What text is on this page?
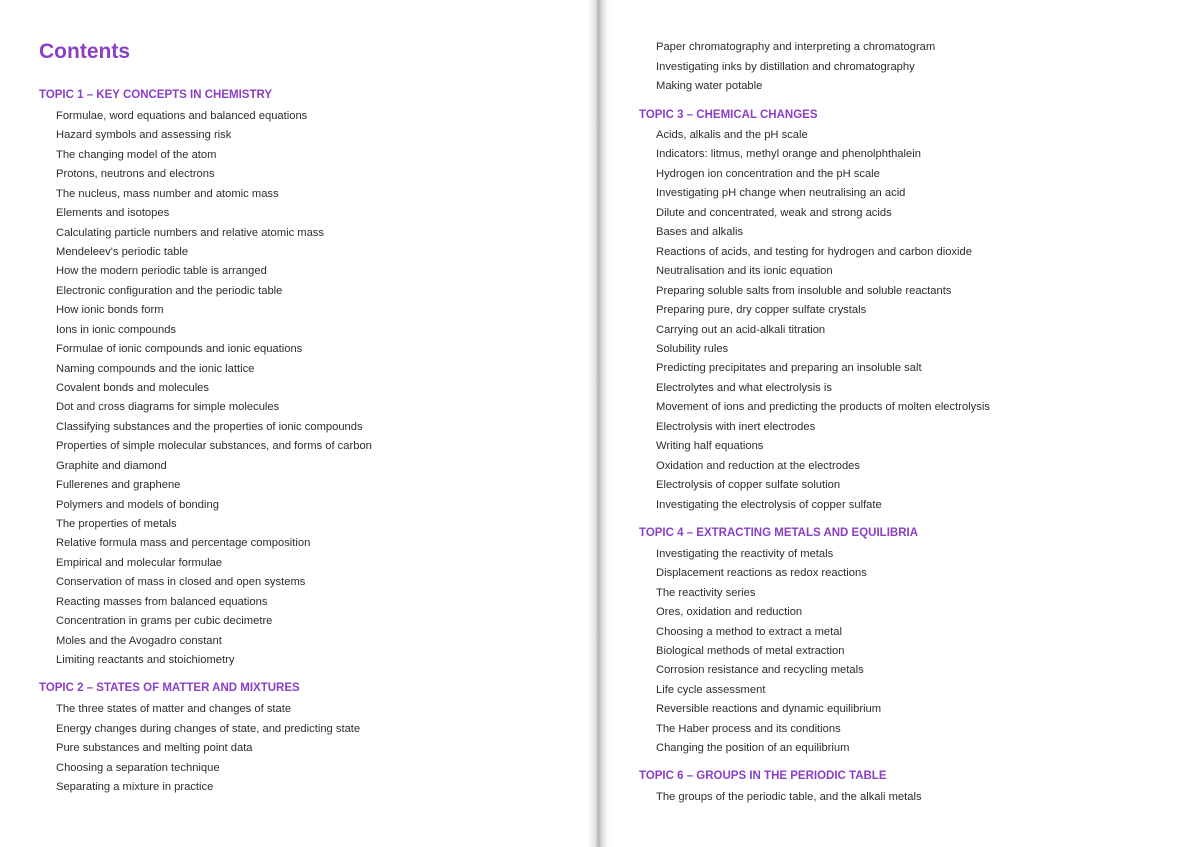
Contents
TOPIC 1 – KEY CONCEPTS IN CHEMISTRY
Formulae, word equations and balanced equations
Hazard symbols and assessing risk
The changing model of the atom
Protons, neutrons and electrons
The nucleus, mass number and atomic mass
Elements and isotopes
Calculating particle numbers and relative atomic mass
Mendeleev's periodic table
How the modern periodic table is arranged
Electronic configuration and the periodic table
How ionic bonds form
Ions in ionic compounds
Formulae of ionic compounds and ionic equations
Naming compounds and the ionic lattice
Covalent bonds and molecules
Dot and cross diagrams for simple molecules
Classifying substances and the properties of ionic compounds
Properties of simple molecular substances, and forms of carbon
Graphite and diamond
Fullerenes and graphene
Polymers and models of bonding
The properties of metals
Relative formula mass and percentage composition
Empirical and molecular formulae
Conservation of mass in closed and open systems
Reacting masses from balanced equations
Concentration in grams per cubic decimetre
Moles and the Avogadro constant
Limiting reactants and stoichiometry
TOPIC 2 – STATES OF MATTER AND MIXTURES
The three states of matter and changes of state
Energy changes during changes of state, and predicting state
Pure substances and melting point data
Choosing a separation technique
Separating a mixture in practice
Paper chromatography and interpreting a chromatogram
Investigating inks by distillation and chromatography
Making water potable
TOPIC 3 – CHEMICAL CHANGES
Acids, alkalis and the pH scale
Indicators: litmus, methyl orange and phenolphthalein
Hydrogen ion concentration and the pH scale
Investigating pH change when neutralising an acid
Dilute and concentrated, weak and strong acids
Bases and alkalis
Reactions of acids, and testing for hydrogen and carbon dioxide
Neutralisation and its ionic equation
Preparing soluble salts from insoluble and soluble reactants
Preparing pure, dry copper sulfate crystals
Carrying out an acid-alkali titration
Solubility rules
Predicting precipitates and preparing an insoluble salt
Electrolytes and what electrolysis is
Movement of ions and predicting the products of molten electrolysis
Electrolysis with inert electrodes
Writing half equations
Oxidation and reduction at the electrodes
Electrolysis of copper sulfate solution
Investigating the electrolysis of copper sulfate
TOPIC 4 – EXTRACTING METALS AND EQUILIBRIA
Investigating the reactivity of metals
Displacement reactions as redox reactions
The reactivity series
Ores, oxidation and reduction
Choosing a method to extract a metal
Biological methods of metal extraction
Corrosion resistance and recycling metals
Life cycle assessment
Reversible reactions and dynamic equilibrium
The Haber process and its conditions
Changing the position of an equilibrium
TOPIC 6 – GROUPS IN THE PERIODIC TABLE
The groups of the periodic table, and the alkali metals
